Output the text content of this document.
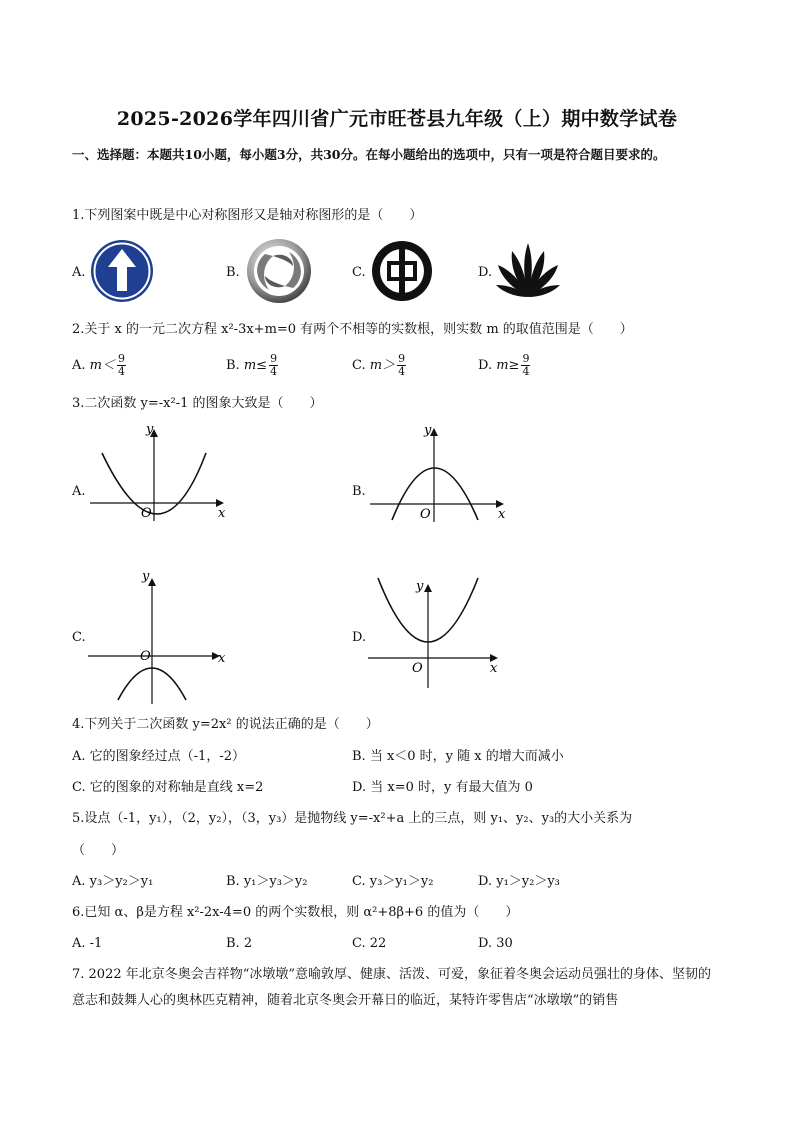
2025-2026学年四川省广元市旺苍县九年级（上）期中数学试卷
一、选择题：本题共10小题，每小题3分，共30分。在每小题给出的选项中，只有一项是符合题目要求的。
1.下列图案中既是中心对称图形又是轴对称图形的是（　　）
A.	B.	C.	D.
2.关于 x 的一元二次方程 x²-3x+m=0 有两个不相等的实数根，则实数 m 的取值范围是（　　）
A. $m< \frac{9}{4}$	B. $m\le \frac{9}{4}$	C. $m> \frac{9}{4}$	D. $m\ge \frac{9}{4}$
3.二次函数 y=-x²-1 的图象大致是（　　）
A.
y
x
O
B.
y
x
O
C.
y
x
O
D.
y
x
O
4.下列关于二次函数 y=2x² 的说法正确的是（　　）
A. 它的图象经过点（-1，-2）	B. 当 x＜0 时，y 随 x 的增大而减小
C. 它的图象的对称轴是直线 x=2	D. 当 x=0 时，y 有最大值为 0
5.设点（-1，y₁），（2，y₂），（3，y₃）是抛物线 y=-x²+a 上的三点，则 y₁、y₂、y₃的大小关系为
（　　）
A. y₃＞y₂＞y₁	B. y₁＞y₃＞y₂	C. y₃＞y₁＞y₂	D. y₁＞y₂＞y₃
6.已知 α、β是方程 x²-2x-4=0 的两个实数根，则 α²+8β+6 的值为（　　）
A. -1	B. 2	C. 22	D. 30
7. 2022 年北京冬奥会吉祥物“冰墩墩”意喻敦厚、健康、活泼、可爱，象征着冬奥会运动员强壮的身体、坚韧的意志和鼓舞人心的奥林匹克精神，随着北京冬奥会开幕日的临近，某特许零售店“冰墩墩”的销售
